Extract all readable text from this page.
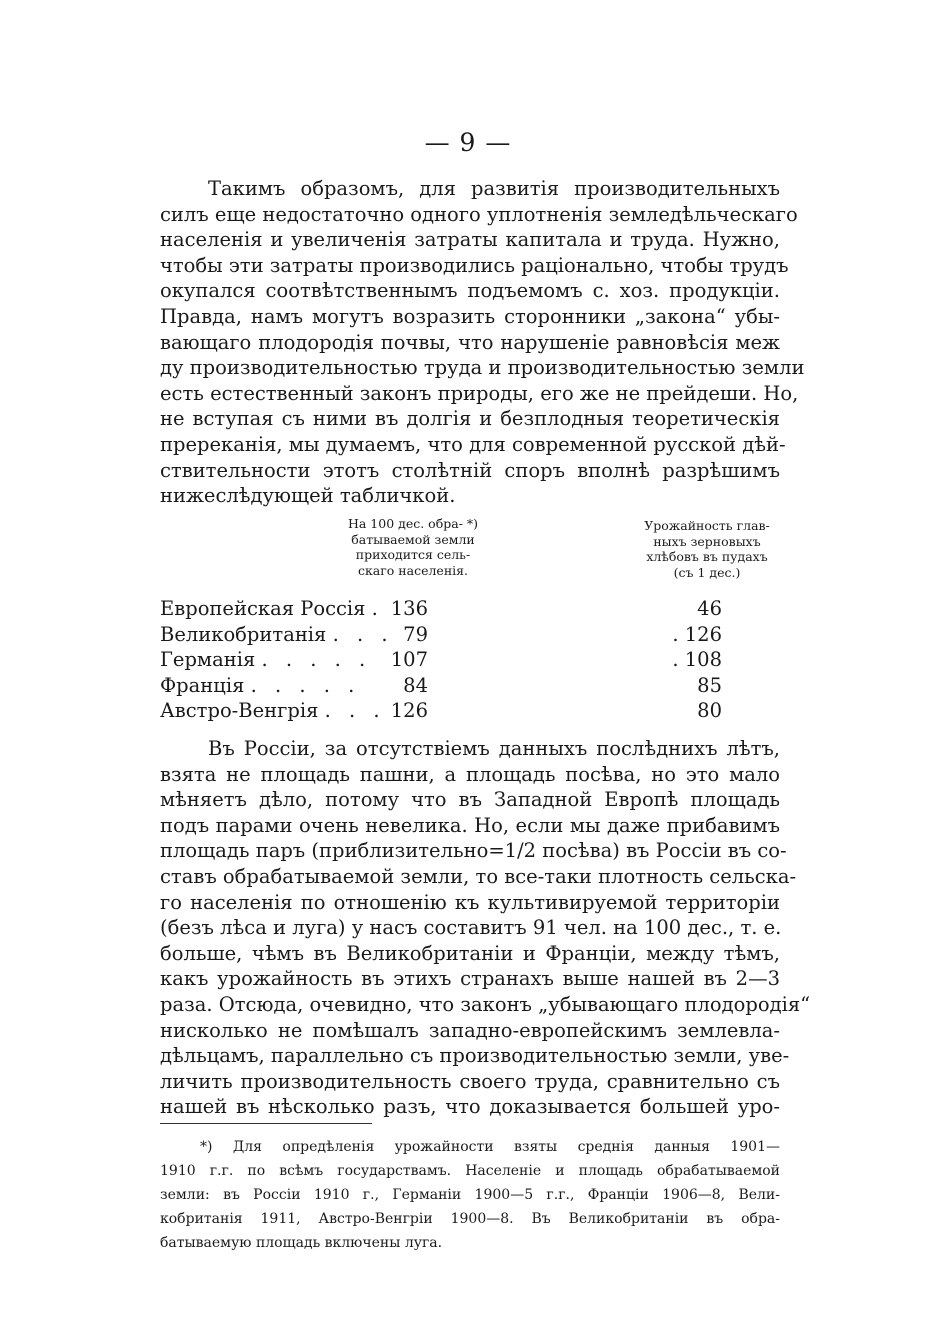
— 9 —
Такимъ образомъ, для развитія производительныхъ
силъ еще недостаточно одного уплотненія земледѣльческаго
населенія и увеличенія затраты капитала и труда. Нужно,
чтобы эти затраты производились раціонально, чтобы трудъ
окупался соотвѣтственнымъ подъемомъ с. хоз. продукціи.
Правда, намъ могутъ возразить сторонники „закона“ убы-
вающаго плодородія почвы, что нарушеніе равновѣсія меж
ду производительностью труда и производительностью земли
есть естественный законъ природы, его же не прейдеши. Но,
не вступая съ ними въ долгія и безплодныя теоретическія
пререканія, мы думаемъ, что для современной русской дѣй-
ствительности этотъ столѣтній споръ вполнѣ разрѣшимъ
нижеслѣдующей табличкой.
На 100 дес. обра- *)
батываемой земли
приходится сель-
скаго населенія.
Урожайность глав-
ныхъ зерновыхъ
хлѣбовъ въ пудахъ
(съ 1 дес.)
Европейская Россія . 136	46
Великобританія . . . 79	. 126
Германія . . . . . 107	. 108
Франція . . . . . 84	85
Австро-Венгрія . . . 126	80
Въ Россіи, за отсутствіемъ данныхъ послѣднихъ лѣтъ,
взята не площадь пашни, а площадь посѣва, но это мало
мѣняетъ дѣло, потому что въ Западной Европѣ площадь
подъ парами очень невелика. Но, если мы даже прибавимъ
площадь паръ (приблизительно=1/2 посѣва) въ Россіи въ со-
ставъ обрабатываемой земли, то все-таки плотность сельска-
го населенія по отношенію къ культивируемой территоріи
(безъ лѣса и луга) у насъ составитъ 91 чел. на 100 дес., т. е.
больше, чѣмъ въ Великобританіи и Франціи, между тѣмъ,
какъ урожайность въ этихъ странахъ выше нашей въ 2—3
раза. Отсюда, очевидно, что законъ „убывающаго плодородія“
нисколько не помѣшалъ западно-европейскимъ землевла-
дѣльцамъ, параллельно съ производительностью земли, уве-
личить производительность своего труда, сравнительно съ
нашей въ нѣсколько разъ, что доказывается большей уро-
*) Для опредѣленія урожайности взяты среднія данныя 1901—
1910 г.г. по всѣмъ государствамъ. Населеніе и площадь обрабатываемой
земли: въ Россіи 1910 г., Германіи 1900—5 г.г., Франціи 1906—8, Вели-
кобританія 1911, Австро-Венгріи 1900—8. Въ Великобританіи въ обра-
батываемую площадь включены луга.
